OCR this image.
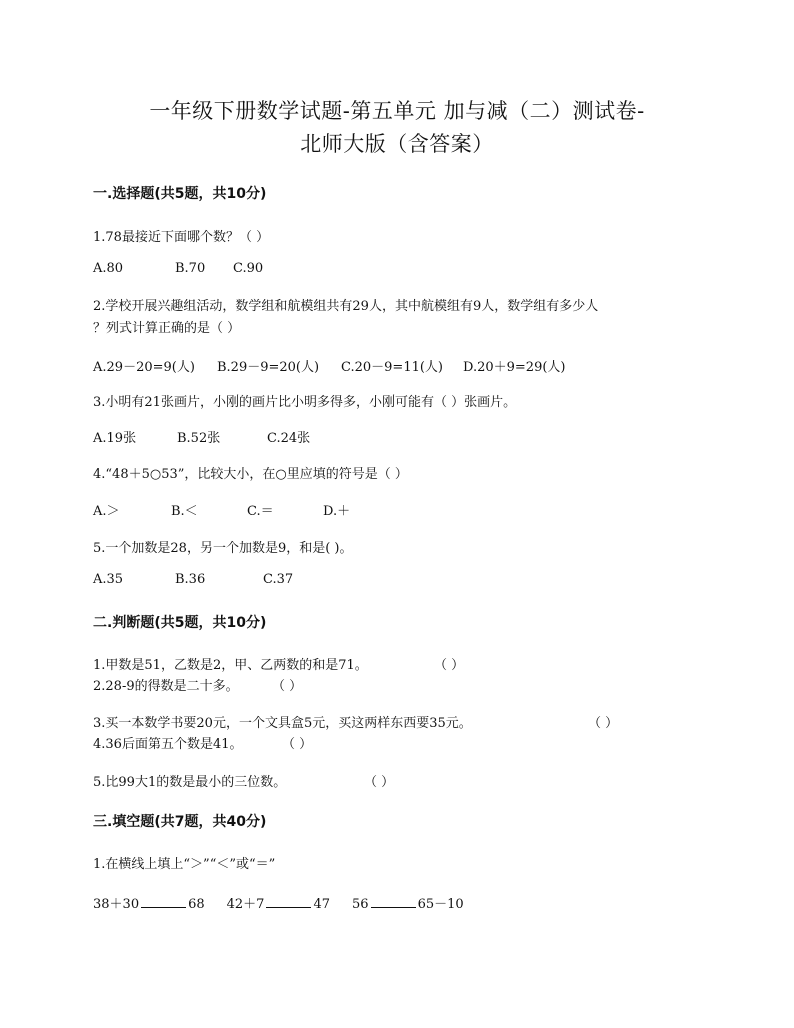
一年级下册数学试题-第五单元 加与减（二）测试卷-
北师大版（含答案）
一.选择题(共5题，共10分)
1.78最接近下面哪个数？（ ）
A.80	B.70 C.90
2.学校开展兴趣组活动，数学组和航模组共有29人，其中航模组有9人，数学组有多少人
？列式计算正确的是（ ）
A.29－20=9(人) B.29－9=20(人) C.20－9=11(人) D.20＋9=29(人)
3.小明有21张画片，小刚的画片比小明多得多，小刚可能有（ ）张画片。
A.19张	B.52张	C.24张
4.“48＋5○53”，比较大小，在○里应填的符号是（ ）
A.＞	B.＜	C.＝	D.＋
5.一个加数是28，另一个加数是9，和是( )。
A.35	B.36	C.37
二.判断题(共5题，共10分)
1.甲数是51，乙数是2，甲、乙两数的和是71。	（ ）
2.28-9的得数是二十多。	（ ）
3.买一本数学书要20元，一个文具盒5元，买这两样东西要35元。	（ ）
4.36后面第五个数是41。	（ ）
5.比99大1的数是最小的三位数。	（ ）
三.填空题(共7题，共40分)
1.在横线上填上“＞”“＜”或“＝”
38＋30	68 42＋7	47 56	65－10
